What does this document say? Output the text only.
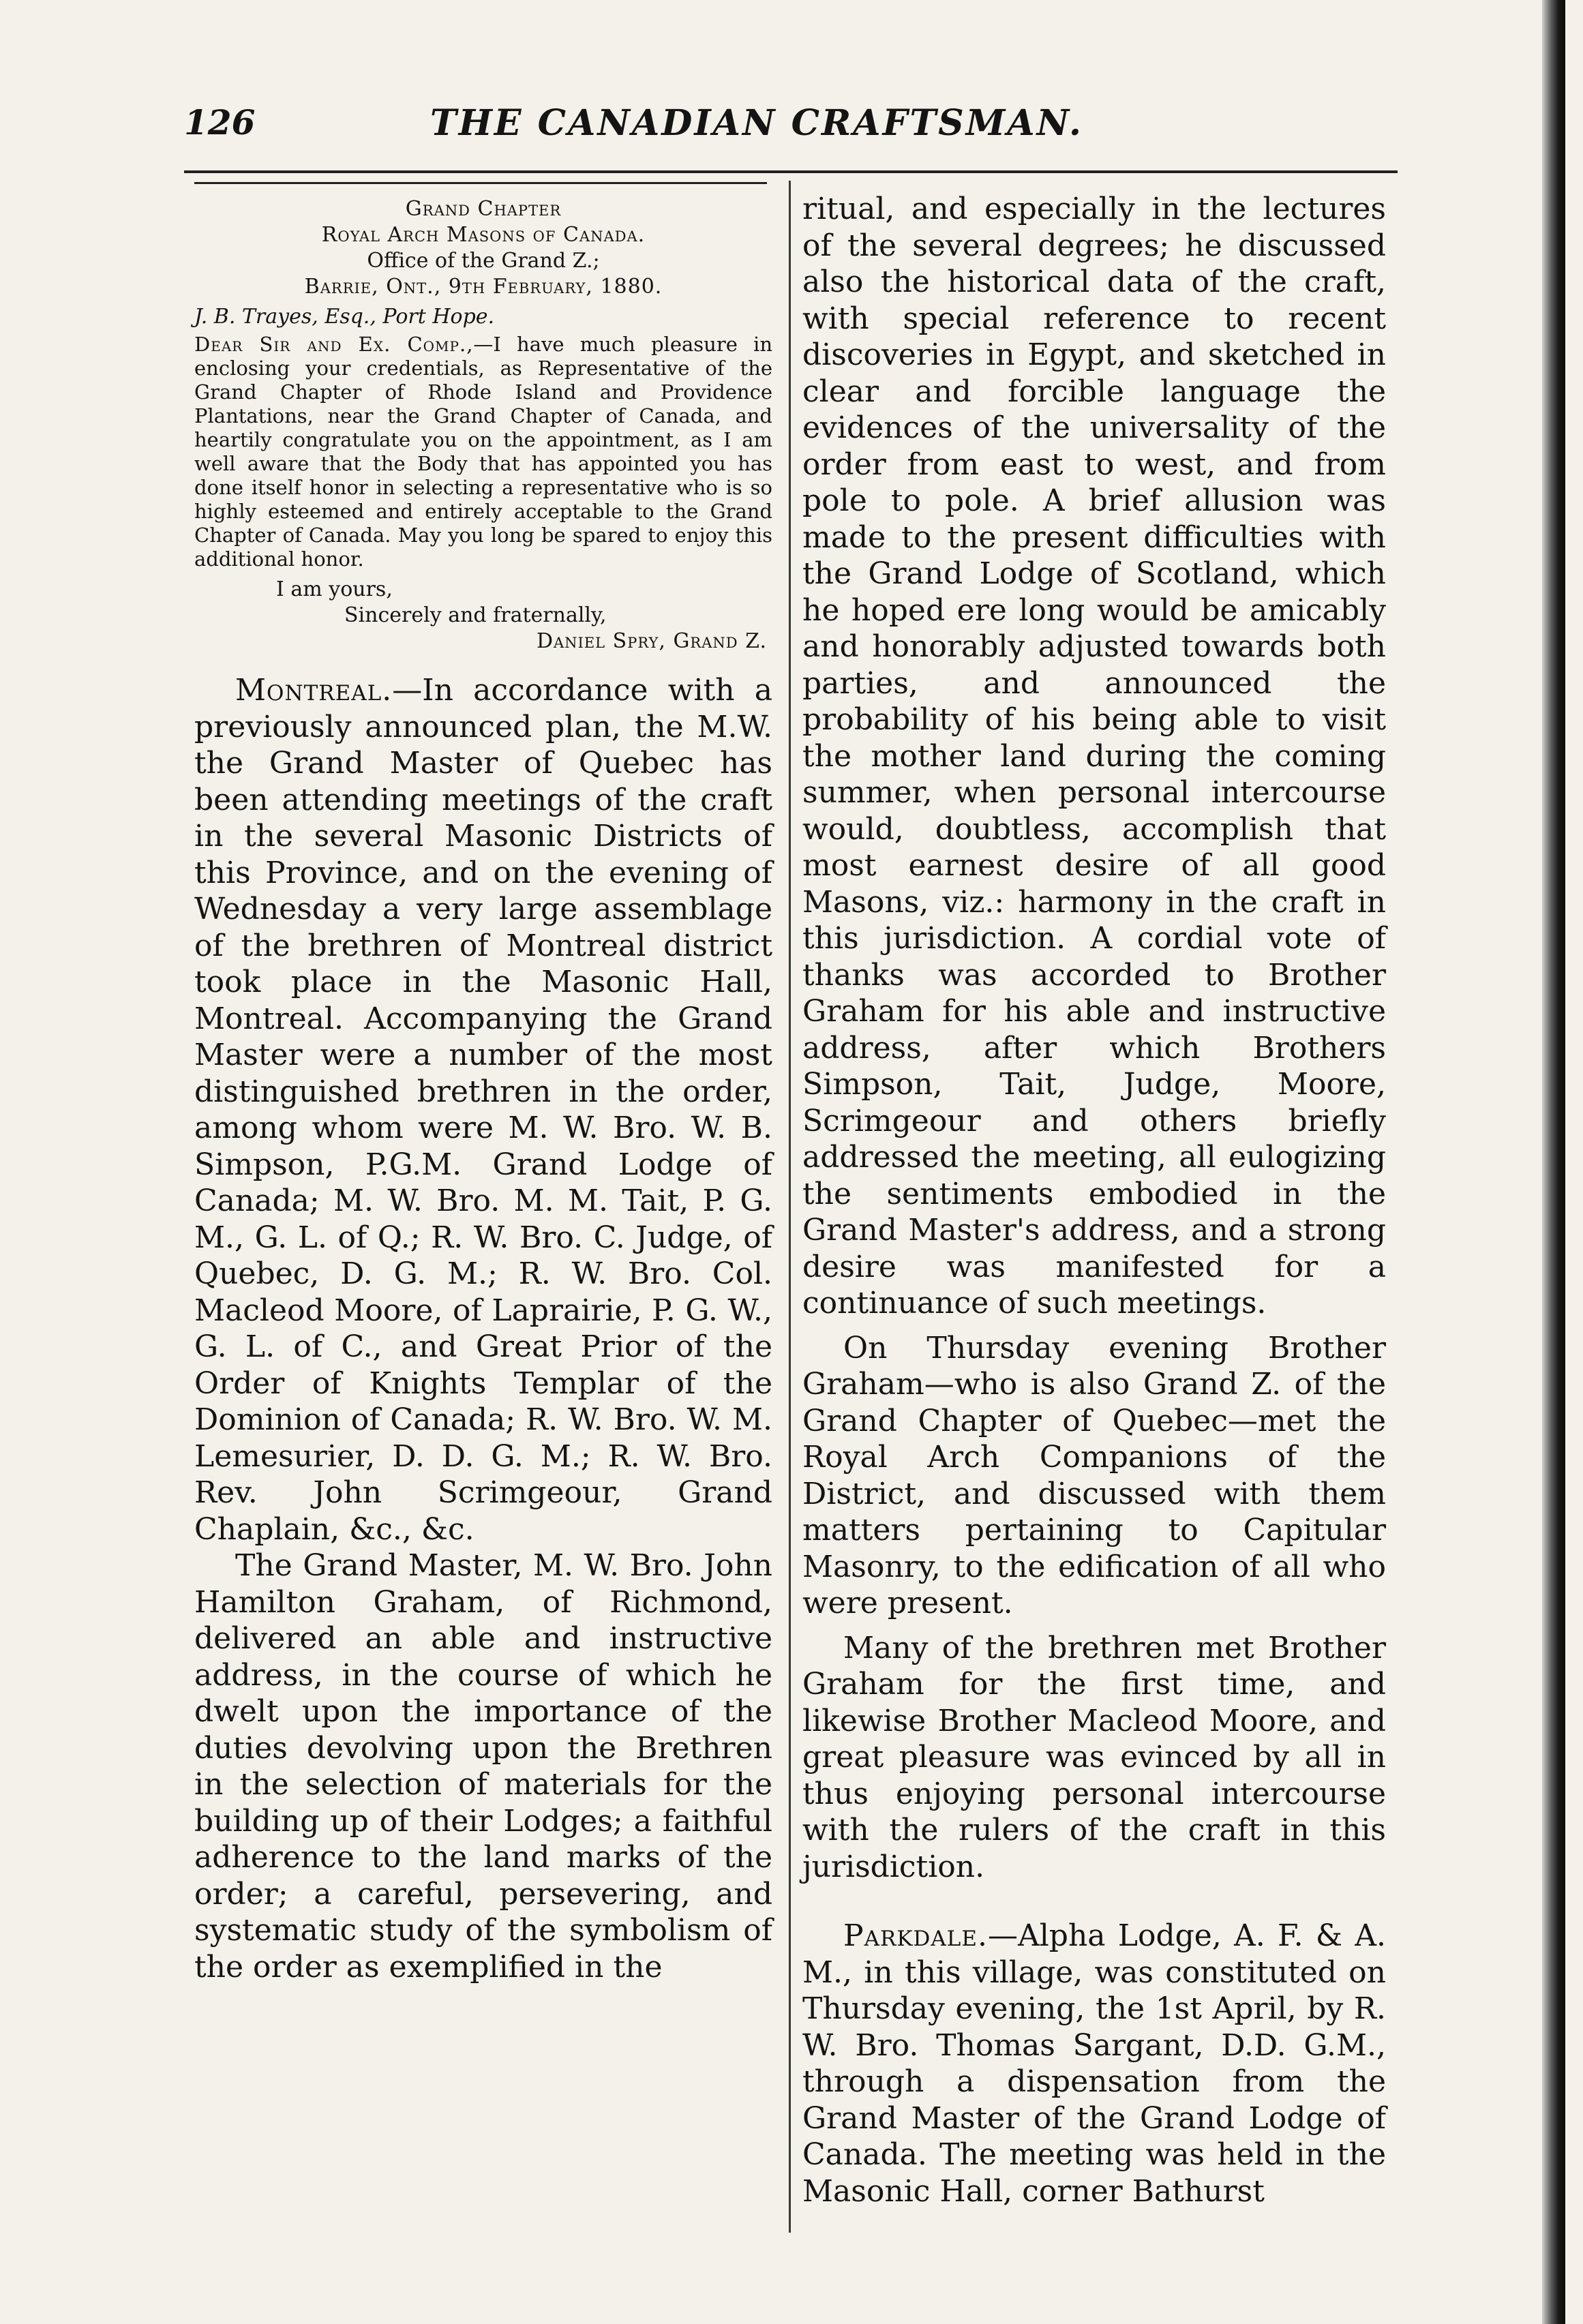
126	THE CANADIAN CRAFTSMAN.
Grand Chapter
Royal Arch Masons of Canada.
Office of the Grand Z.;
Barrie, Ont., 9th February, 1880.
J. B. Trayes, Esq., Port Hope.

Dear Sir and Ex. Comp.,—I have much pleasure in enclosing your credentials, as Representative of the Grand Chapter of Rhode Island and Providence Plantations, near the Grand Chapter of Canada, and heartily congratulate you on the appointment, as I am well aware that the Body that has appointed you has done itself honor in selecting a representative who is so highly esteemed and entirely acceptable to the Grand Chapter of Canada. May you long be spared to enjoy this additional honor.

I am yours,
Sincerely and fraternally,
Daniel Spry, Grand Z.

Montreal.—In accordance with a previously announced plan, the M.W. the Grand Master of Quebec has been attending meetings of the craft in the several Masonic Districts of this Province, and on the evening of Wednesday a very large assemblage of the brethren of Montreal district took place in the Masonic Hall, Montreal. Accompanying the Grand Master were a number of the most distinguished brethren in the order, among whom were M. W. Bro. W. B. Simpson, P.G.M. Grand Lodge of Canada; M. W. Bro. M. M. Tait, P. G. M., G. L. of Q.; R. W. Bro. C. Judge, of Quebec, D. G. M.; R. W. Bro. Col. Macleod Moore, of Laprairie, P. G. W., G. L. of C., and Great Prior of the Order of Knights Templar of the Dominion of Canada; R. W. Bro. W. M. Lemesurier, D. D. G. M.; R. W. Bro. Rev. John Scrimgeour, Grand Chaplain, &c., &c.

The Grand Master, M. W. Bro. John Hamilton Graham, of Richmond, delivered an able and instructive address, in the course of which he dwelt upon the importance of the duties devolving upon the Brethren in the selection of materials for the building up of their Lodges; a faithful adherence to the land marks of the order; a careful, persevering, and systematic study of the symbolism of the order as exemplified in the

ritual, and especially in the lectures of the several degrees; he discussed also the historical data of the craft, with special reference to recent discoveries in Egypt, and sketched in clear and forcible language the evidences of the universality of the order from east to west, and from pole to pole. A brief allusion was made to the present difficulties with the Grand Lodge of Scotland, which he hoped ere long would be amicably and honorably adjusted towards both parties, and announced the probability of his being able to visit the mother land during the coming summer, when personal intercourse would, doubtless, accomplish that most earnest desire of all good Masons, viz.: harmony in the craft in this jurisdiction. A cordial vote of thanks was accorded to Brother Graham for his able and instructive address, after which Brothers Simpson, Tait, Judge, Moore, Scrimgeour and others briefly addressed the meeting, all eulogizing the sentiments embodied in the Grand Master's address, and a strong desire was manifested for a continuance of such meetings.

On Thursday evening Brother Graham—who is also Grand Z. of the Grand Chapter of Quebec—met the Royal Arch Companions of the District, and discussed with them matters pertaining to Capitular Masonry, to the edification of all who were present.

Many of the brethren met Brother Graham for the first time, and likewise Brother Macleod Moore, and great pleasure was evinced by all in thus enjoying personal intercourse with the rulers of the craft in this jurisdiction.

Parkdale.—Alpha Lodge, A. F. & A. M., in this village, was constituted on Thursday evening, the 1st April, by R. W. Bro. Thomas Sargant, D.D. G.M., through a dispensation from the Grand Master of the Grand Lodge of Canada. The meeting was held in the Masonic Hall, corner Bathurst
